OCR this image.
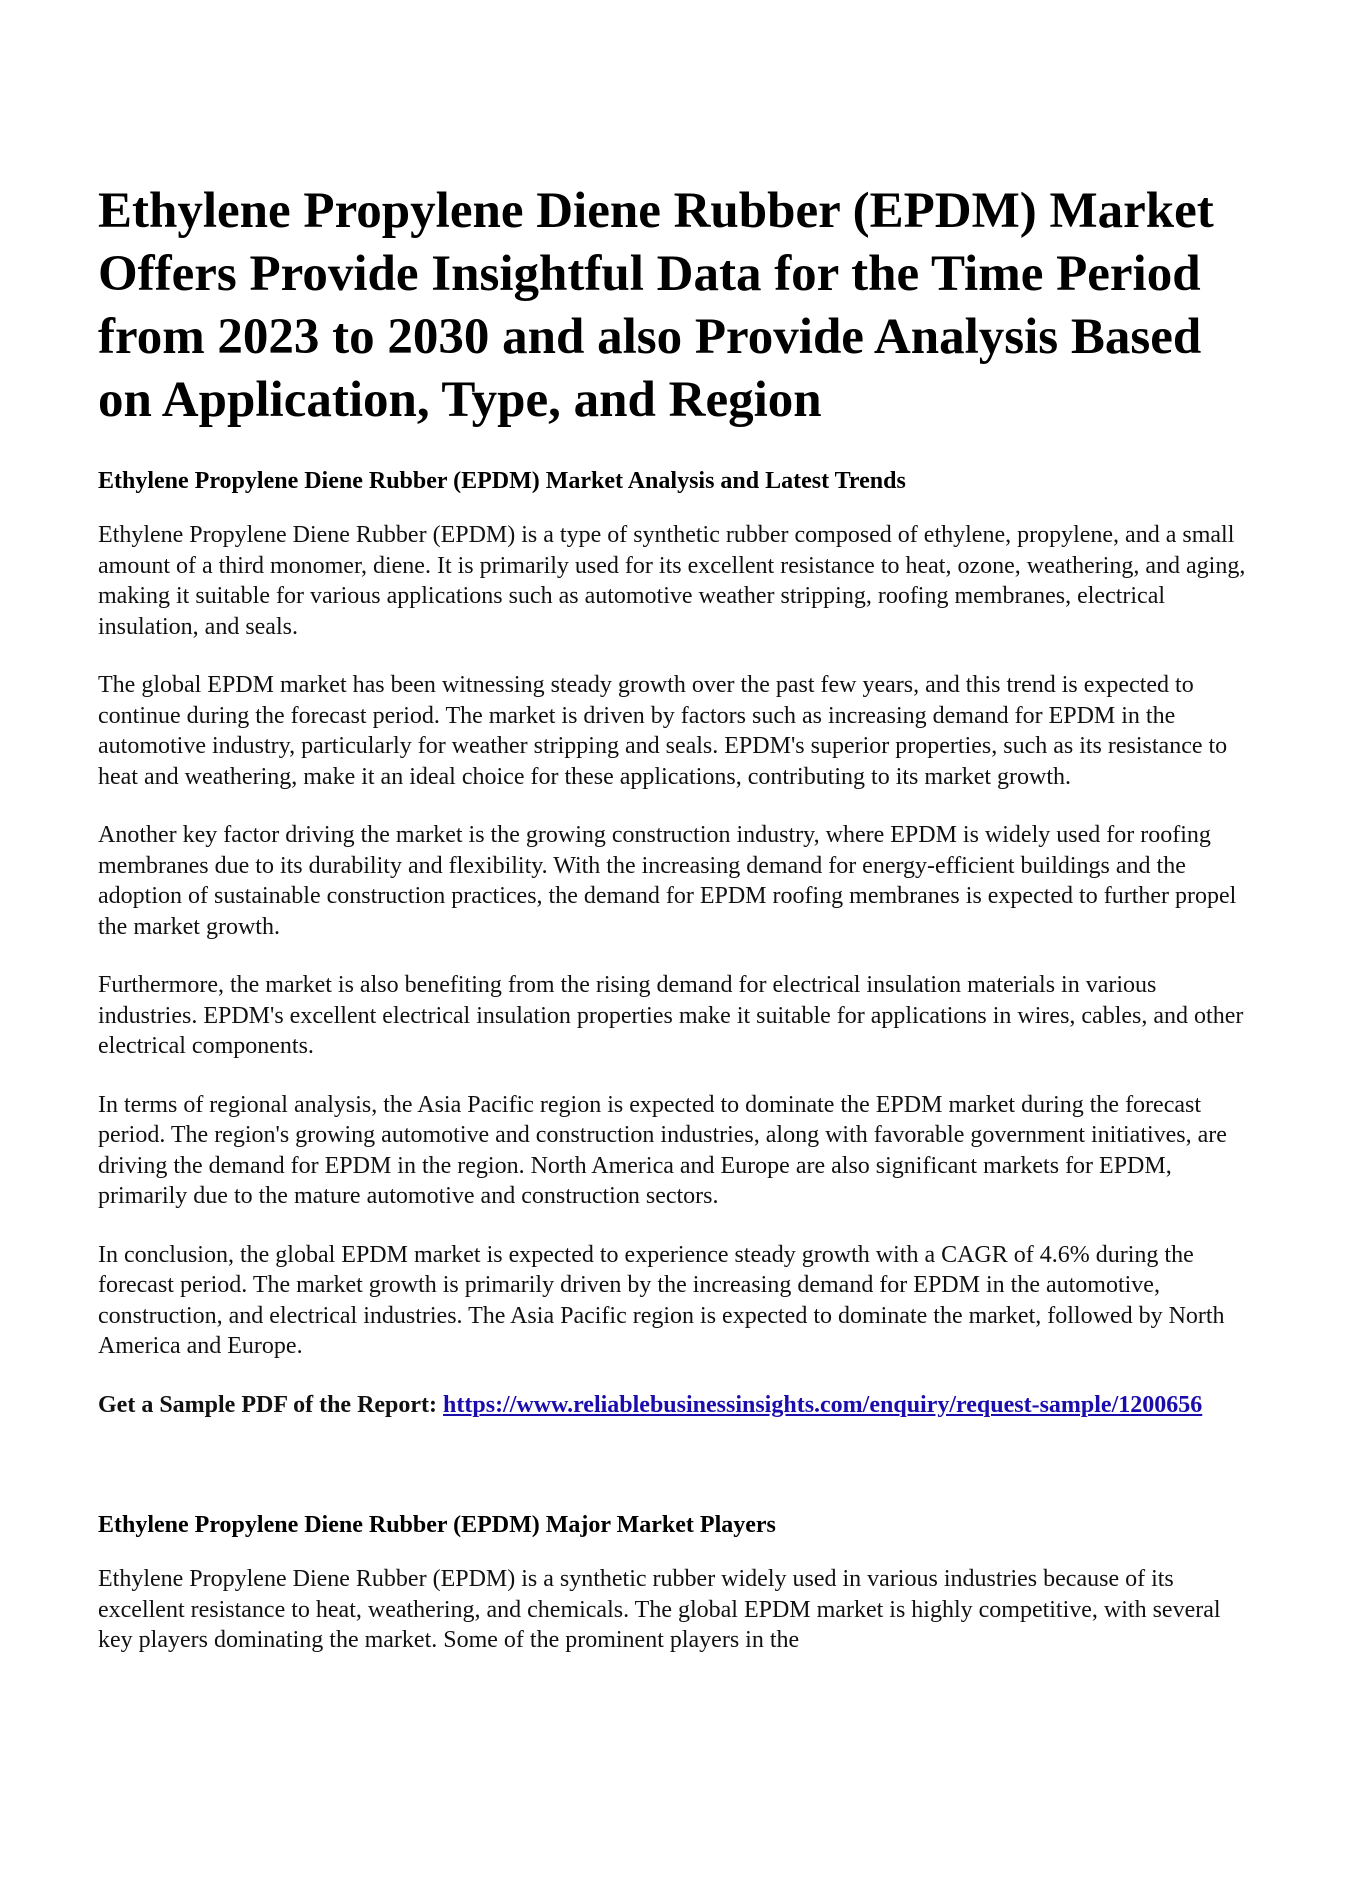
Ethylene Propylene Diene Rubber (EPDM) Market Offers Provide Insightful Data for the Time Period from 2023 to 2030 and also Provide Analysis Based on Application, Type, and Region
Ethylene Propylene Diene Rubber (EPDM) Market Analysis and Latest Trends

Ethylene Propylene Diene Rubber (EPDM) is a type of synthetic rubber composed of ethylene, propylene, and a small amount of a third monomer, diene. It is primarily used for its excellent resistance to heat, ozone, weathering, and aging, making it suitable for various applications such as automotive weather stripping, roofing membranes, electrical insulation, and seals.

The global EPDM market has been witnessing steady growth over the past few years, and this trend is expected to continue during the forecast period. The market is driven by factors such as increasing demand for EPDM in the automotive industry, particularly for weather stripping and seals. EPDM's superior properties, such as its resistance to heat and weathering, make it an ideal choice for these applications, contributing to its market growth.

Another key factor driving the market is the growing construction industry, where EPDM is widely used for roofing membranes due to its durability and flexibility. With the increasing demand for energy-efficient buildings and the adoption of sustainable construction practices, the demand for EPDM roofing membranes is expected to further propel the market growth.

Furthermore, the market is also benefiting from the rising demand for electrical insulation materials in various industries. EPDM's excellent electrical insulation properties make it suitable for applications in wires, cables, and other electrical components.

In terms of regional analysis, the Asia Pacific region is expected to dominate the EPDM market during the forecast period. The region's growing automotive and construction industries, along with favorable government initiatives, are driving the demand for EPDM in the region. North America and Europe are also significant markets for EPDM, primarily due to the mature automotive and construction sectors.

In conclusion, the global EPDM market is expected to experience steady growth with a CAGR of 4.6% during the forecast period. The market growth is primarily driven by the increasing demand for EPDM in the automotive, construction, and electrical industries. The Asia Pacific region is expected to dominate the market, followed by North America and Europe.

Get a Sample PDF of the Report: https://www.reliablebusinessinsights.com/enquiry/request-sample/1200656

Ethylene Propylene Diene Rubber (EPDM) Major Market Players

Ethylene Propylene Diene Rubber (EPDM) is a synthetic rubber widely used in various industries because of its excellent resistance to heat, weathering, and chemicals. The global EPDM market is highly competitive, with several key players dominating the market. Some of the prominent players in the
